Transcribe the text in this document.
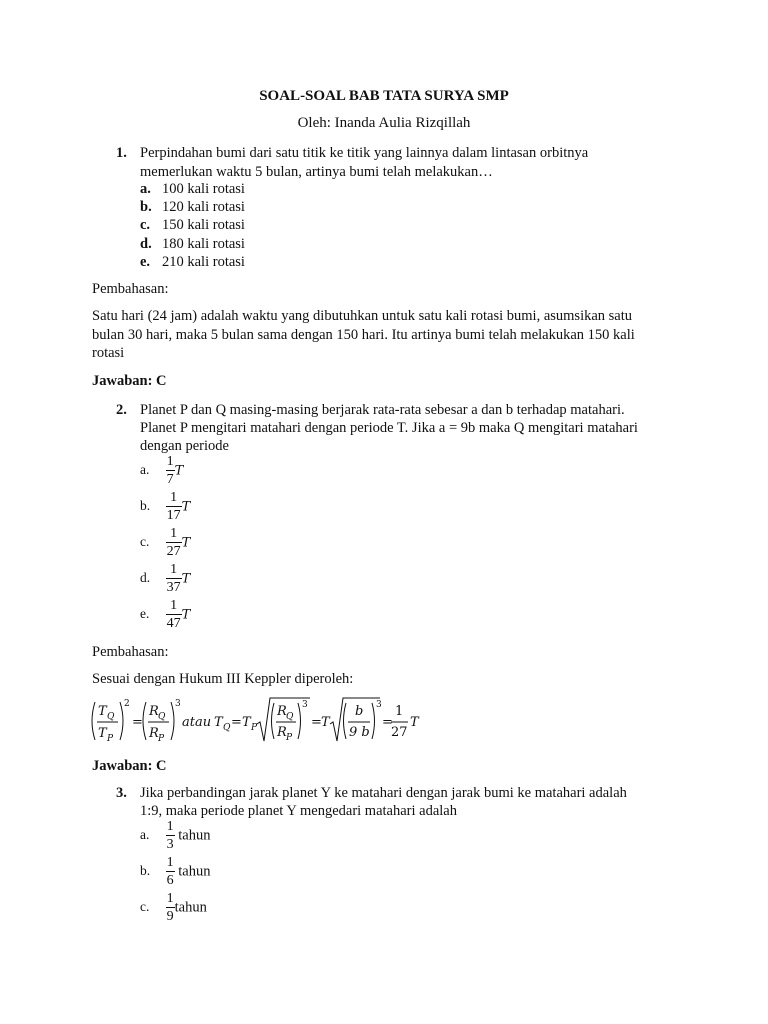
SOAL-SOAL BAB TATA SURYA SMP
Oleh: Inanda Aulia Rizqillah
1. Perpindahan bumi dari satu titik ke titik yang lainnya dalam lintasan orbitnya
memerlukan waktu 5 bulan, artinya bumi telah melakukan…
a. 100 kali rotasi
b. 120 kali rotasi
c. 150 kali rotasi
d. 180 kali rotasi
e. 210 kali rotasi
Pembahasan:
Satu hari (24 jam) adalah waktu yang dibutuhkan untuk satu kali rotasi bumi, asumsikan satu
bulan 30 hari, maka 5 bulan sama dengan 150 hari. Itu artinya bumi telah melakukan 150 kali
rotasi
Jawaban: C
2. Planet P dan Q masing-masing berjarak rata-rata sebesar a dan b terhadap matahari.
Planet P mengitari matahari dengan periode T. Jika a = 9b maka Q mengitari matahari
dengan periode
a. $\frac{1}{7}$ T
b. $\frac{1}{17}$ T
c. $\frac{1}{27}$ T
d. $\frac{1}{37}$ T
e. $\frac{1}{47}$ T
Pembahasan:
Sesuai dengan Hukum III Keppler diperoleh:
T Q
T P
2
=
R Q
R P
3
atau T Q = T P
R Q
R P
3
= T
b
9 b
3
=
1
27
T
Jawaban: C
3. Jika perbandingan jarak planet Y ke matahari dengan jarak bumi ke matahari adalah
1:9, maka periode planet Y mengedari matahari adalah
a. $\frac{1}{3}$ tahun
b. $\frac{1}{6}$ tahun
c. $\frac{1}{9}$ tahun
